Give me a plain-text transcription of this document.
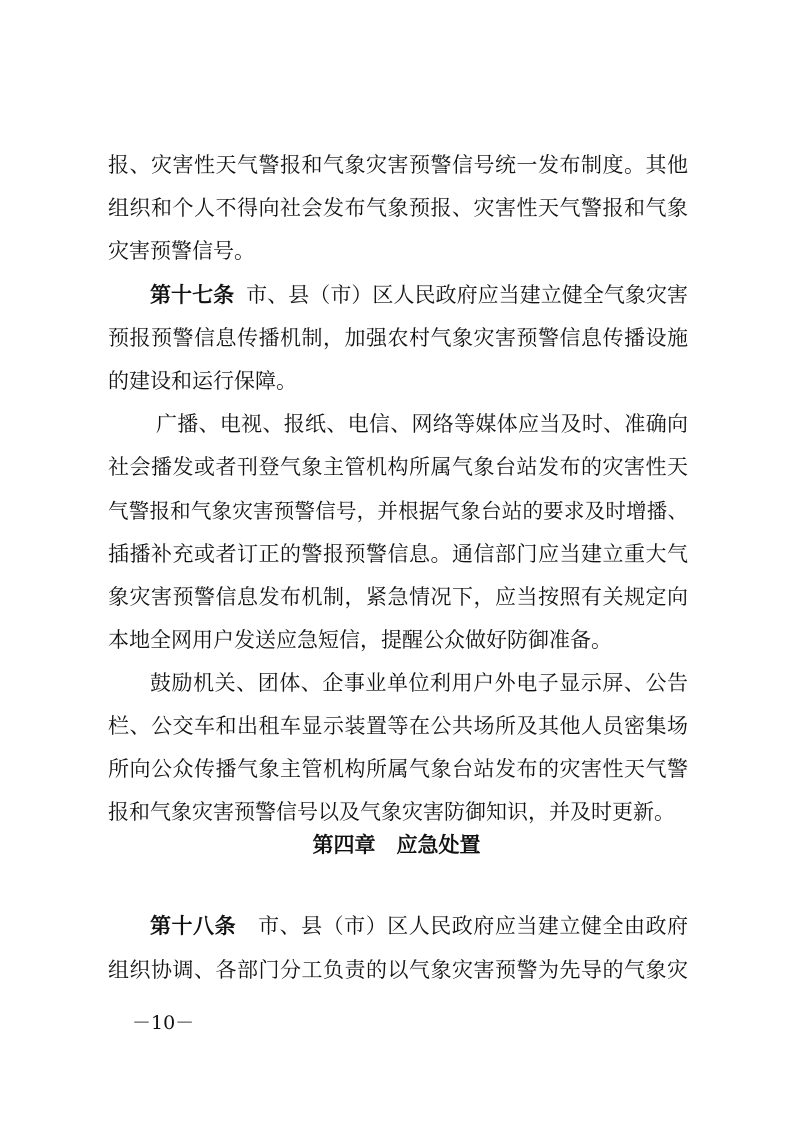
报、灾害性天气警报和气象灾害预警信号统一发布制度。其他
组织和个人不得向社会发布气象预报、灾害性天气警报和气象
灾害预警信号。
第十七条 市、县（市）区人民政府应当建立健全气象灾害
预报预警信息传播机制，加强农村气象灾害预警信息传播设施
的建设和运行保障。
广播、电视、报纸、电信、网络等媒体应当及时、准确向
社会播发或者刊登气象主管机构所属气象台站发布的灾害性天
气警报和气象灾害预警信号，并根据气象台站的要求及时增播、
插播补充或者订正的警报预警信息。通信部门应当建立重大气
象灾害预警信息发布机制，紧急情况下，应当按照有关规定向
本地全网用户发送应急短信，提醒公众做好防御准备。
鼓励机关、团体、企事业单位利用户外电子显示屏、公告
栏、公交车和出租车显示装置等在公共场所及其他人员密集场
所向公众传播气象主管机构所属气象台站发布的灾害性天气警
报和气象灾害预警信号以及气象灾害防御知识，并及时更新。
第四章　应急处置
第十八条 市、县（市）区人民政府应当建立健全由政府
组织协调、各部门分工负责的以气象灾害预警为先导的气象灾
－10－
